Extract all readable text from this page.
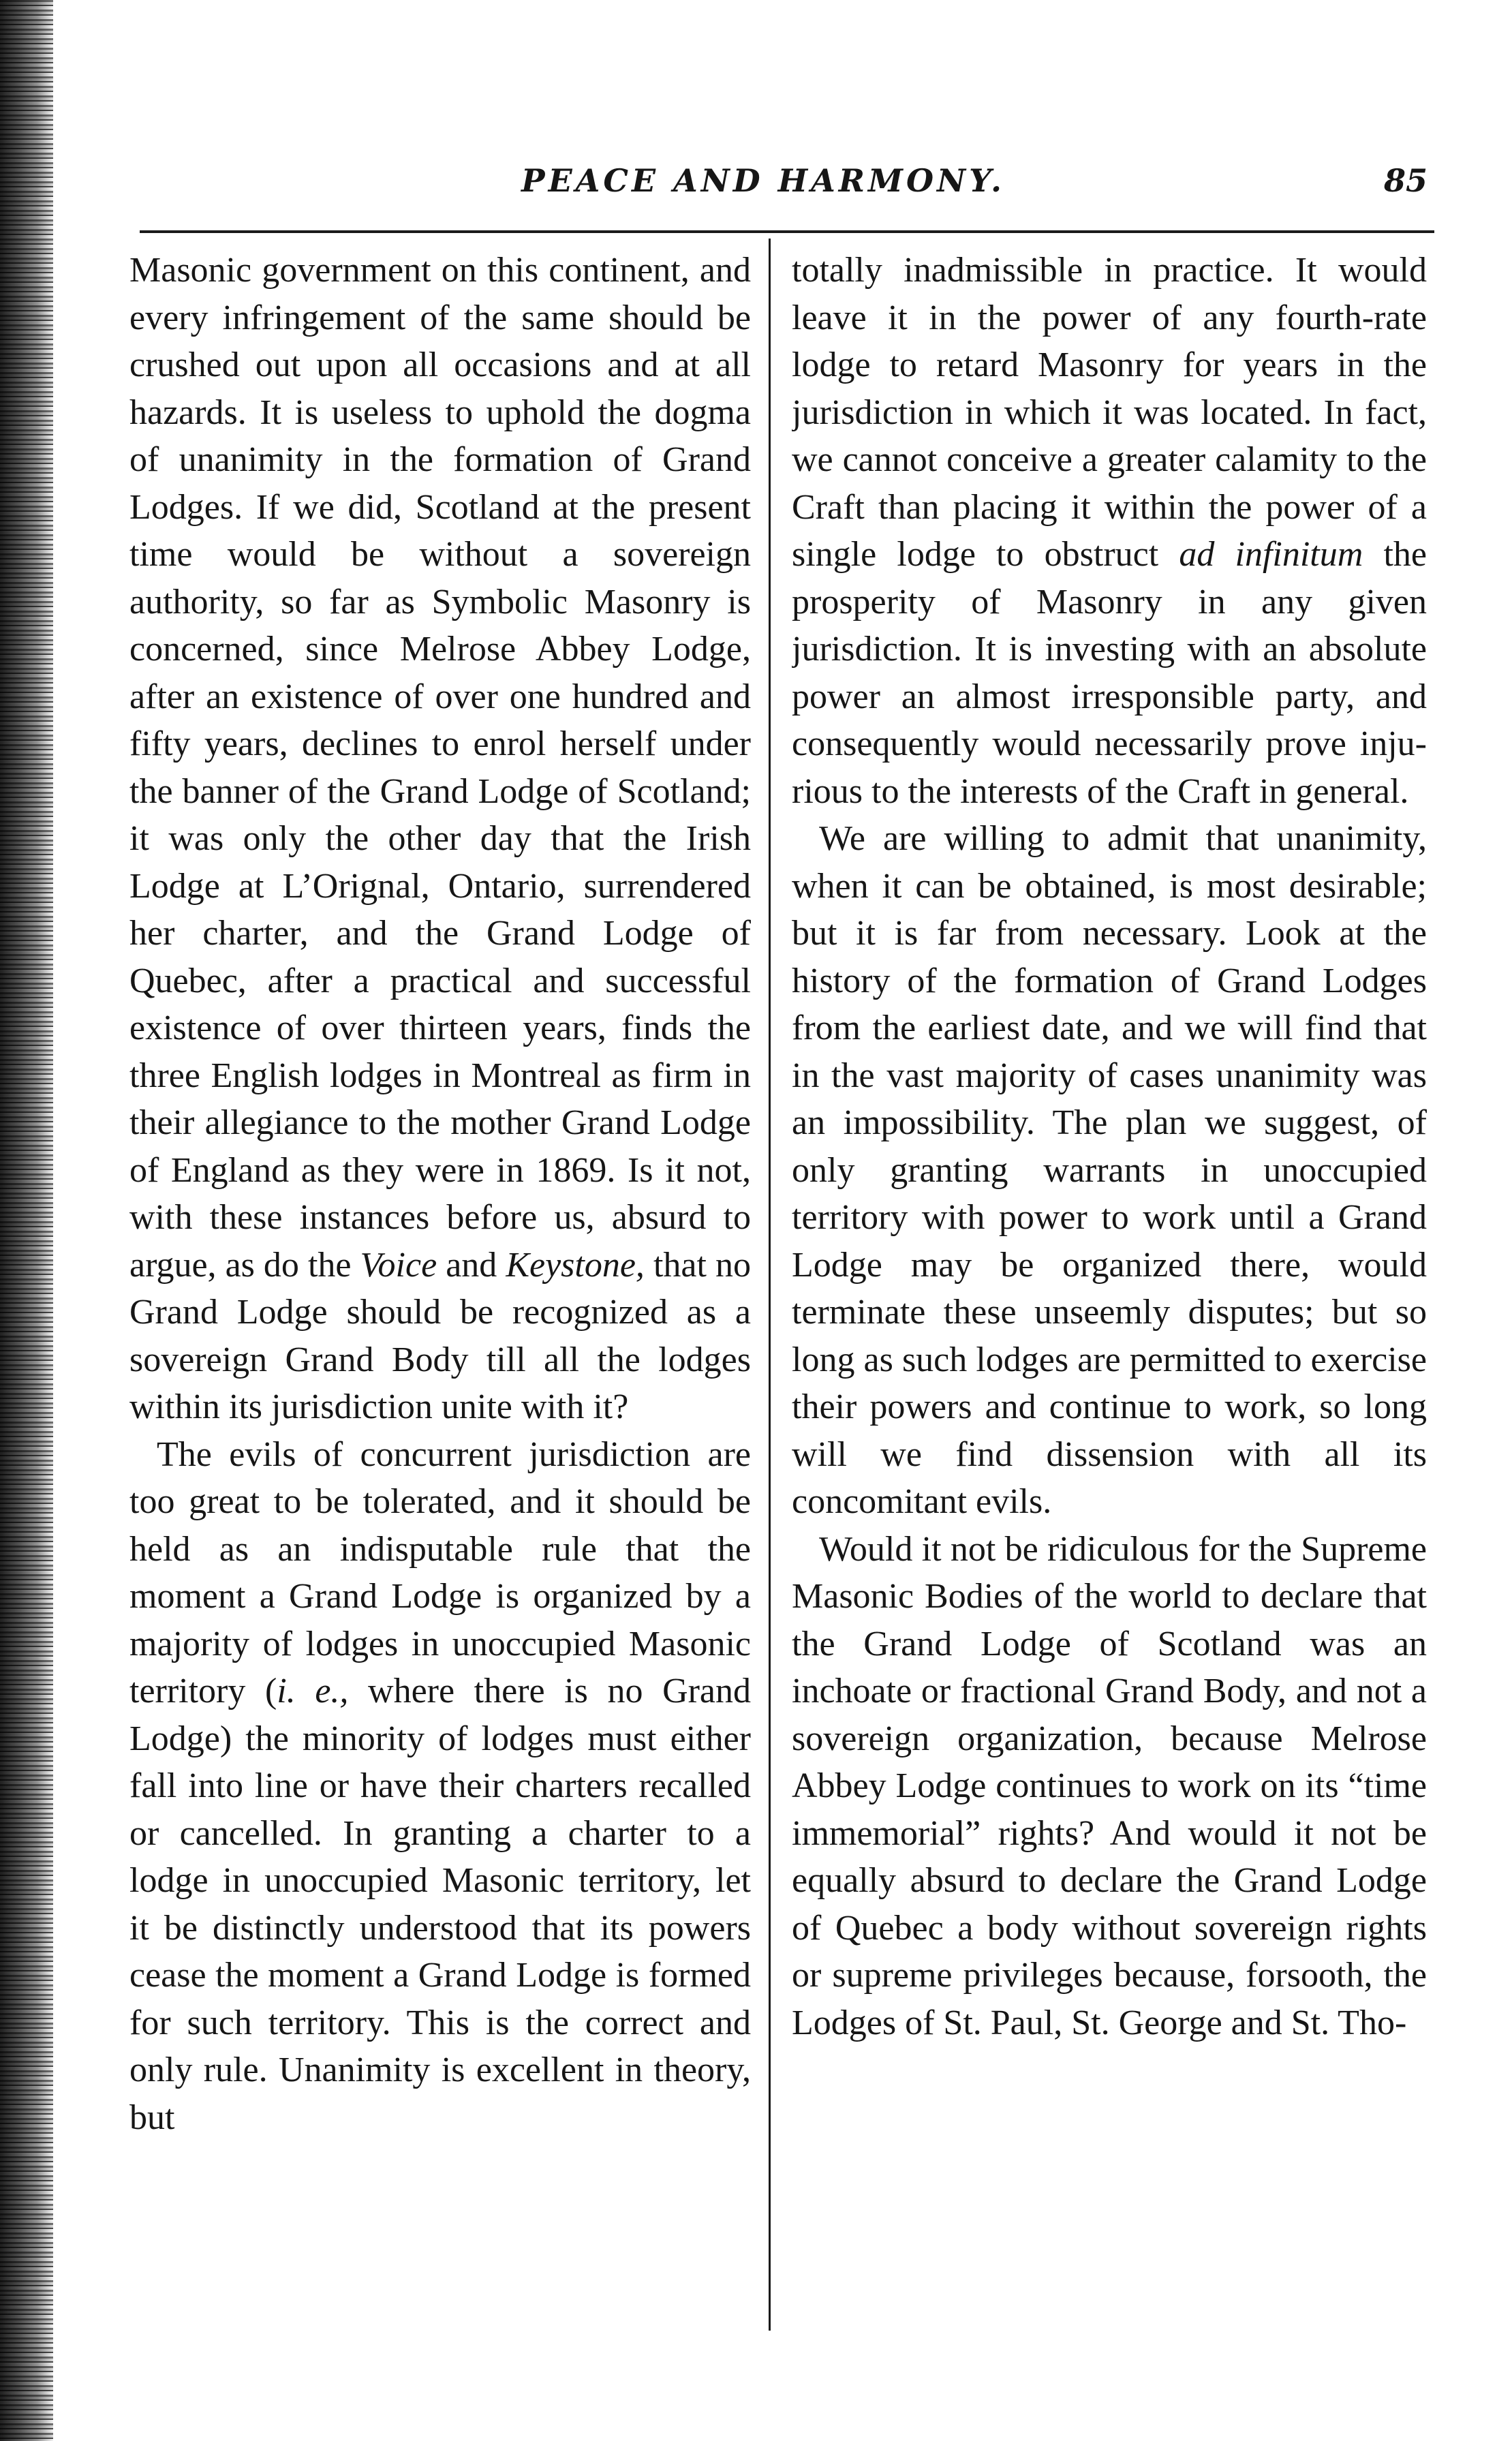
PEACE AND HARMONY.	85

Masonic government on this continent, and every infringement of the same should be crushed out upon all occasions and at all hazards. It is useless to uphold the dogma of unanimity in the formation of Grand Lodges. If we did, Scotland at the present time would be without a sovereign authority, so far as Symbolic Masonry is concerned, since Melrose Abbey Lodge, after an existence of over one hundred and fifty years, declines to enrol herself under the banner of the Grand Lodge of Scotland; it was only the other day that the Irish Lodge at L’Orignal, Ontario, surrendered her charter, and the Grand Lodge of Quebec, after a practical and successful existence of over thirteen years, finds the three English lodges in Montreal as firm in their allegiance to the mother Grand Lodge of England as they were in 1869. Is it not, with these instances before us, absurd to argue, as do the Voice and Keystone, that no Grand Lodge should be recognized as a sovereign Grand Body till all the lodges within its jurisdiction unite with it?

The evils of concurrent jurisdiction are too great to be tolerated, and it should be held as an indisputable rule that the moment a Grand Lodge is organized by a majority of lodges in unoccupied Masonic territory (i. e., where there is no Grand Lodge) the minority of lodges must either fall into line or have their charters recalled or cancelled. In granting a charter to a lodge in unoccupied Masonic territory, let it be distinctly understood that its powers cease the moment a Grand Lodge is formed for such territory. This is the correct and only rule. Unanimity is excellent in theory, but

totally inadmissible in practice. It would leave it in the power of any fourth-rate lodge to retard Masonry for years in the jurisdiction in which it was located. In fact, we cannot conceive a greater calamity to the Craft than placing it within the power of a single lodge to obstruct ad infinitum the prosperity of Masonry in any given jurisdiction. It is investing with an absolute power an almost irresponsible party, and consequently would necessarily prove injurious to the interests of the Craft in general.

We are willing to admit that unanimity, when it can be obtained, is most desirable; but it is far from necessary. Look at the history of the formation of Grand Lodges from the earliest date, and we will find that in the vast majority of cases unanimity was an impossibility. The plan we suggest, of only granting warrants in unoccupied territory with power to work until a Grand Lodge may be organized there, would terminate these unseemly disputes; but so long as such lodges are permitted to exercise their powers and continue to work, so long will we find dissension with all its concomitant evils.

Would it not be ridiculous for the Supreme Masonic Bodies of the world to declare that the Grand Lodge of Scotland was an inchoate or fractional Grand Body, and not a sovereign organization, because Melrose Abbey Lodge continues to work on its “time immemorial” rights? And would it not be equally absurd to declare the Grand Lodge of Quebec a body without sovereign rights or supreme privileges because, forsooth, the Lodges of St. Paul, St. George and St. Tho-
